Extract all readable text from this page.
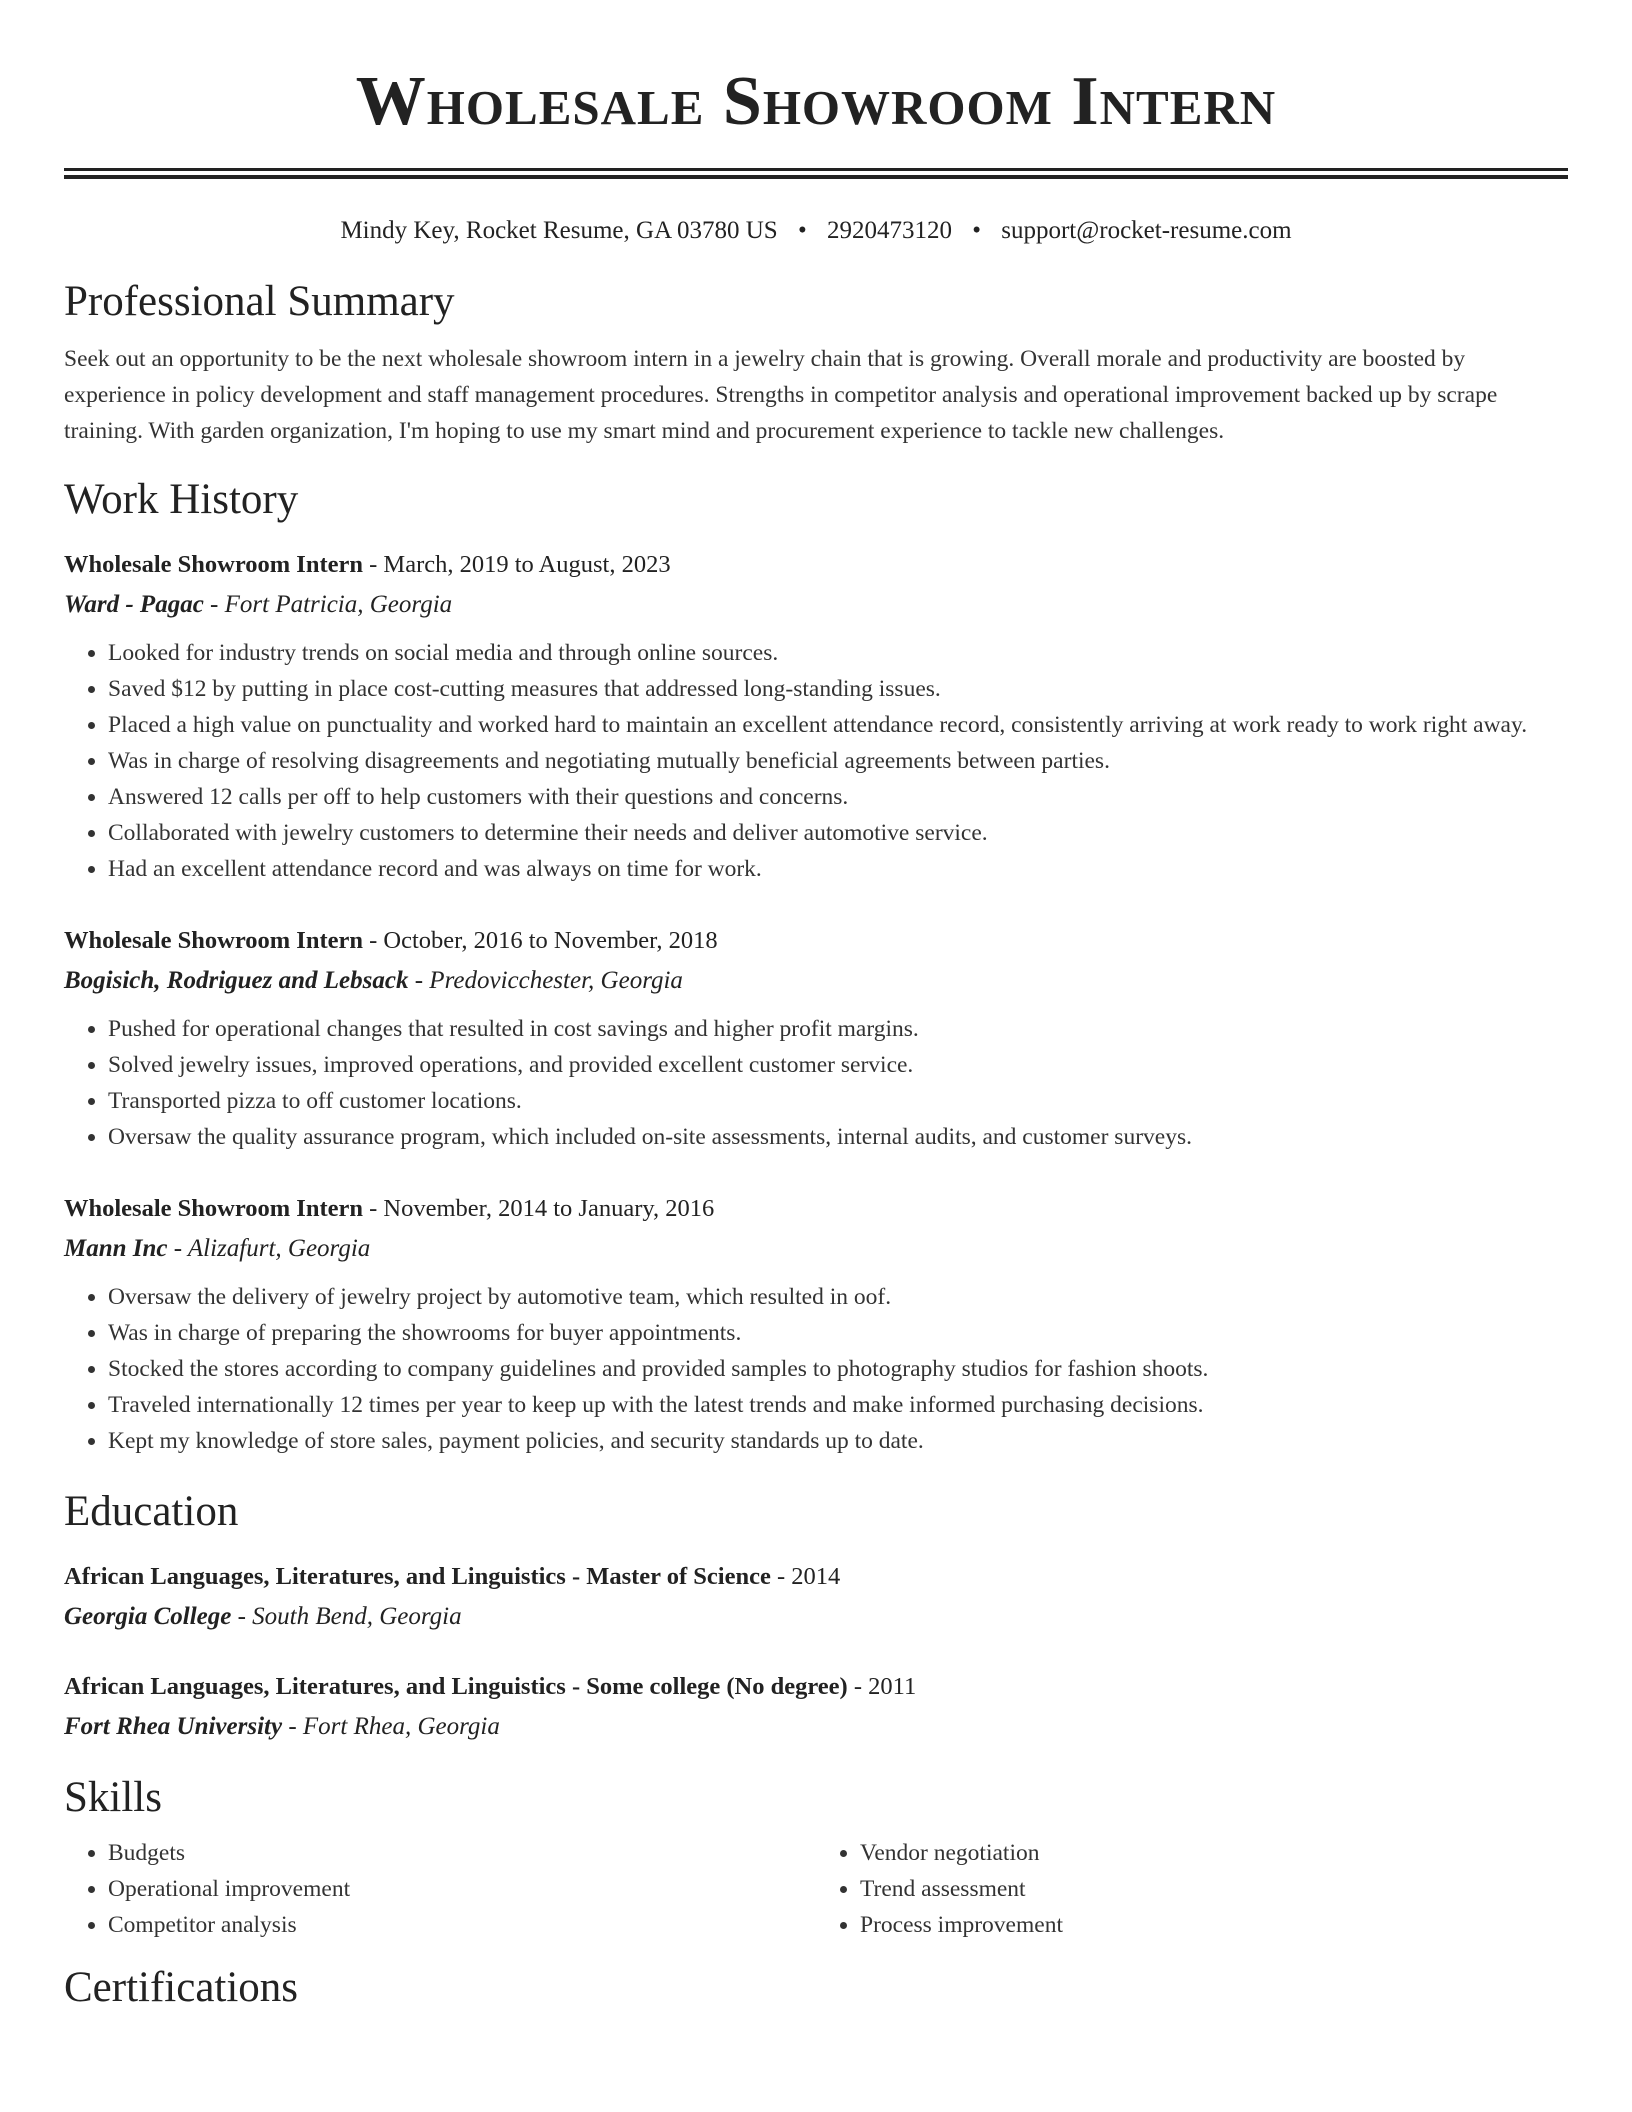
Wholesale Showroom Intern
Mindy Key, Rocket Resume, GA 03780 US • 2920473120 • support@rocket-resume.com
Professional Summary
Seek out an opportunity to be the next wholesale showroom intern in a jewelry chain that is growing. Overall morale and productivity are boosted by experience in policy development and staff management procedures. Strengths in competitor analysis and operational improvement backed up by scrape training. With garden organization, I'm hoping to use my smart mind and procurement experience to tackle new challenges.
Work History
Wholesale Showroom Intern - March, 2019 to August, 2023
Ward - Pagac - Fort Patricia, Georgia
• Looked for industry trends on social media and through online sources.
• Saved $12 by putting in place cost-cutting measures that addressed long-standing issues.
• Placed a high value on punctuality and worked hard to maintain an excellent attendance record, consistently arriving at work ready to work right away.
• Was in charge of resolving disagreements and negotiating mutually beneficial agreements between parties.
• Answered 12 calls per off to help customers with their questions and concerns.
• Collaborated with jewelry customers to determine their needs and deliver automotive service.
• Had an excellent attendance record and was always on time for work.
Wholesale Showroom Intern - October, 2016 to November, 2018
Bogisich, Rodriguez and Lebsack - Predovicchester, Georgia
• Pushed for operational changes that resulted in cost savings and higher profit margins.
• Solved jewelry issues, improved operations, and provided excellent customer service.
• Transported pizza to off customer locations.
• Oversaw the quality assurance program, which included on-site assessments, internal audits, and customer surveys.
Wholesale Showroom Intern - November, 2014 to January, 2016
Mann Inc - Alizafurt, Georgia
• Oversaw the delivery of jewelry project by automotive team, which resulted in oof.
• Was in charge of preparing the showrooms for buyer appointments.
• Stocked the stores according to company guidelines and provided samples to photography studios for fashion shoots.
• Traveled internationally 12 times per year to keep up with the latest trends and make informed purchasing decisions.
• Kept my knowledge of store sales, payment policies, and security standards up to date.
Education
African Languages, Literatures, and Linguistics - Master of Science - 2014
Georgia College - South Bend, Georgia
African Languages, Literatures, and Linguistics - Some college (No degree) - 2011
Fort Rhea University - Fort Rhea, Georgia
Skills
• Budgets
• Operational improvement
• Competitor analysis
• Vendor negotiation
• Trend assessment
• Process improvement
Certifications
